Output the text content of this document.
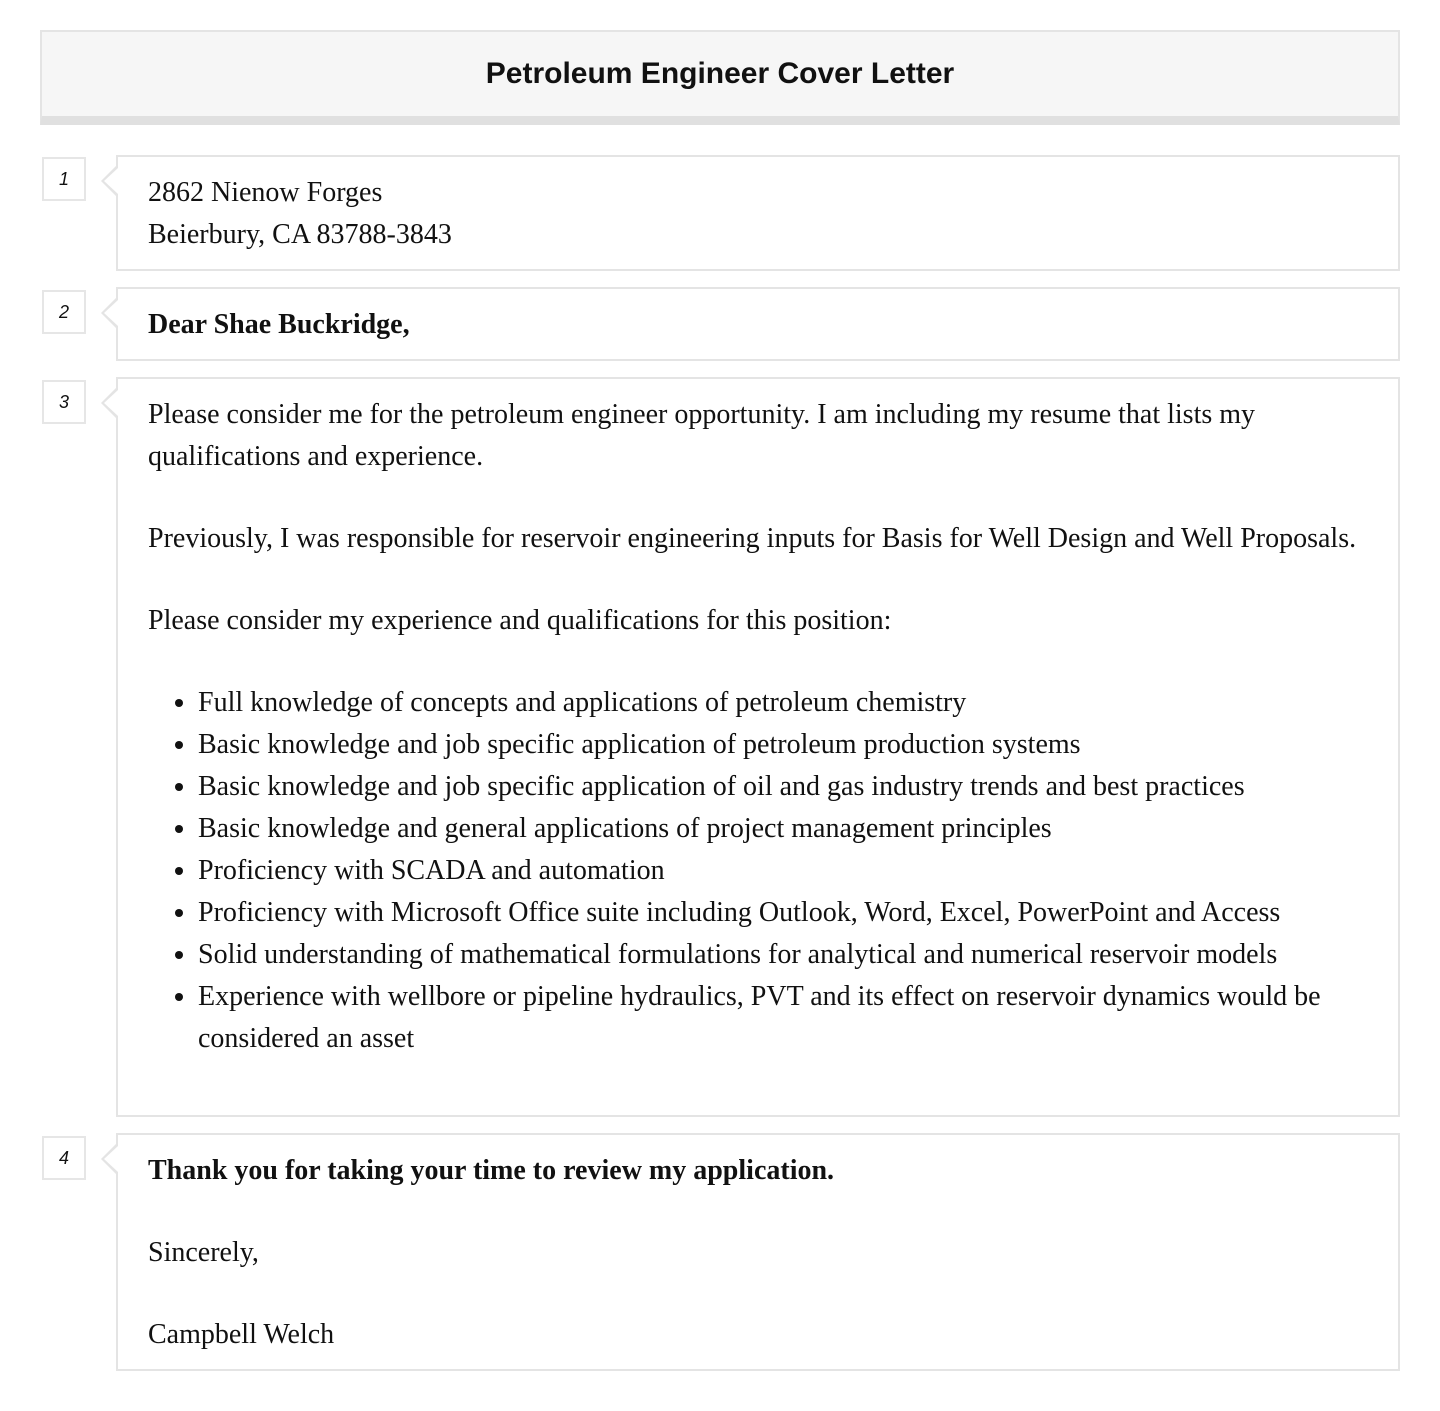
Petroleum Engineer Cover Letter
1	2862 Nienow Forges
Beierbury, CA 83788-3843
2	Dear Shae Buckridge,
3	Please consider me for the petroleum engineer opportunity. I am including my resume that lists my qualifications and experience.

Previously, I was responsible for reservoir engineering inputs for Basis for Well Design and Well Proposals.

Please consider my experience and qualifications for this position:

• Full knowledge of concepts and applications of petroleum chemistry
• Basic knowledge and job specific application of petroleum production systems
• Basic knowledge and job specific application of oil and gas industry trends and best practices
• Basic knowledge and general applications of project management principles
• Proficiency with SCADA and automation
• Proficiency with Microsoft Office suite including Outlook, Word, Excel, PowerPoint and Access
• Solid understanding of mathematical formulations for analytical and numerical reservoir models
• Experience with wellbore or pipeline hydraulics, PVT and its effect on reservoir dynamics would be considered an asset
4	Thank you for taking your time to review my application.

Sincerely,

Campbell Welch
